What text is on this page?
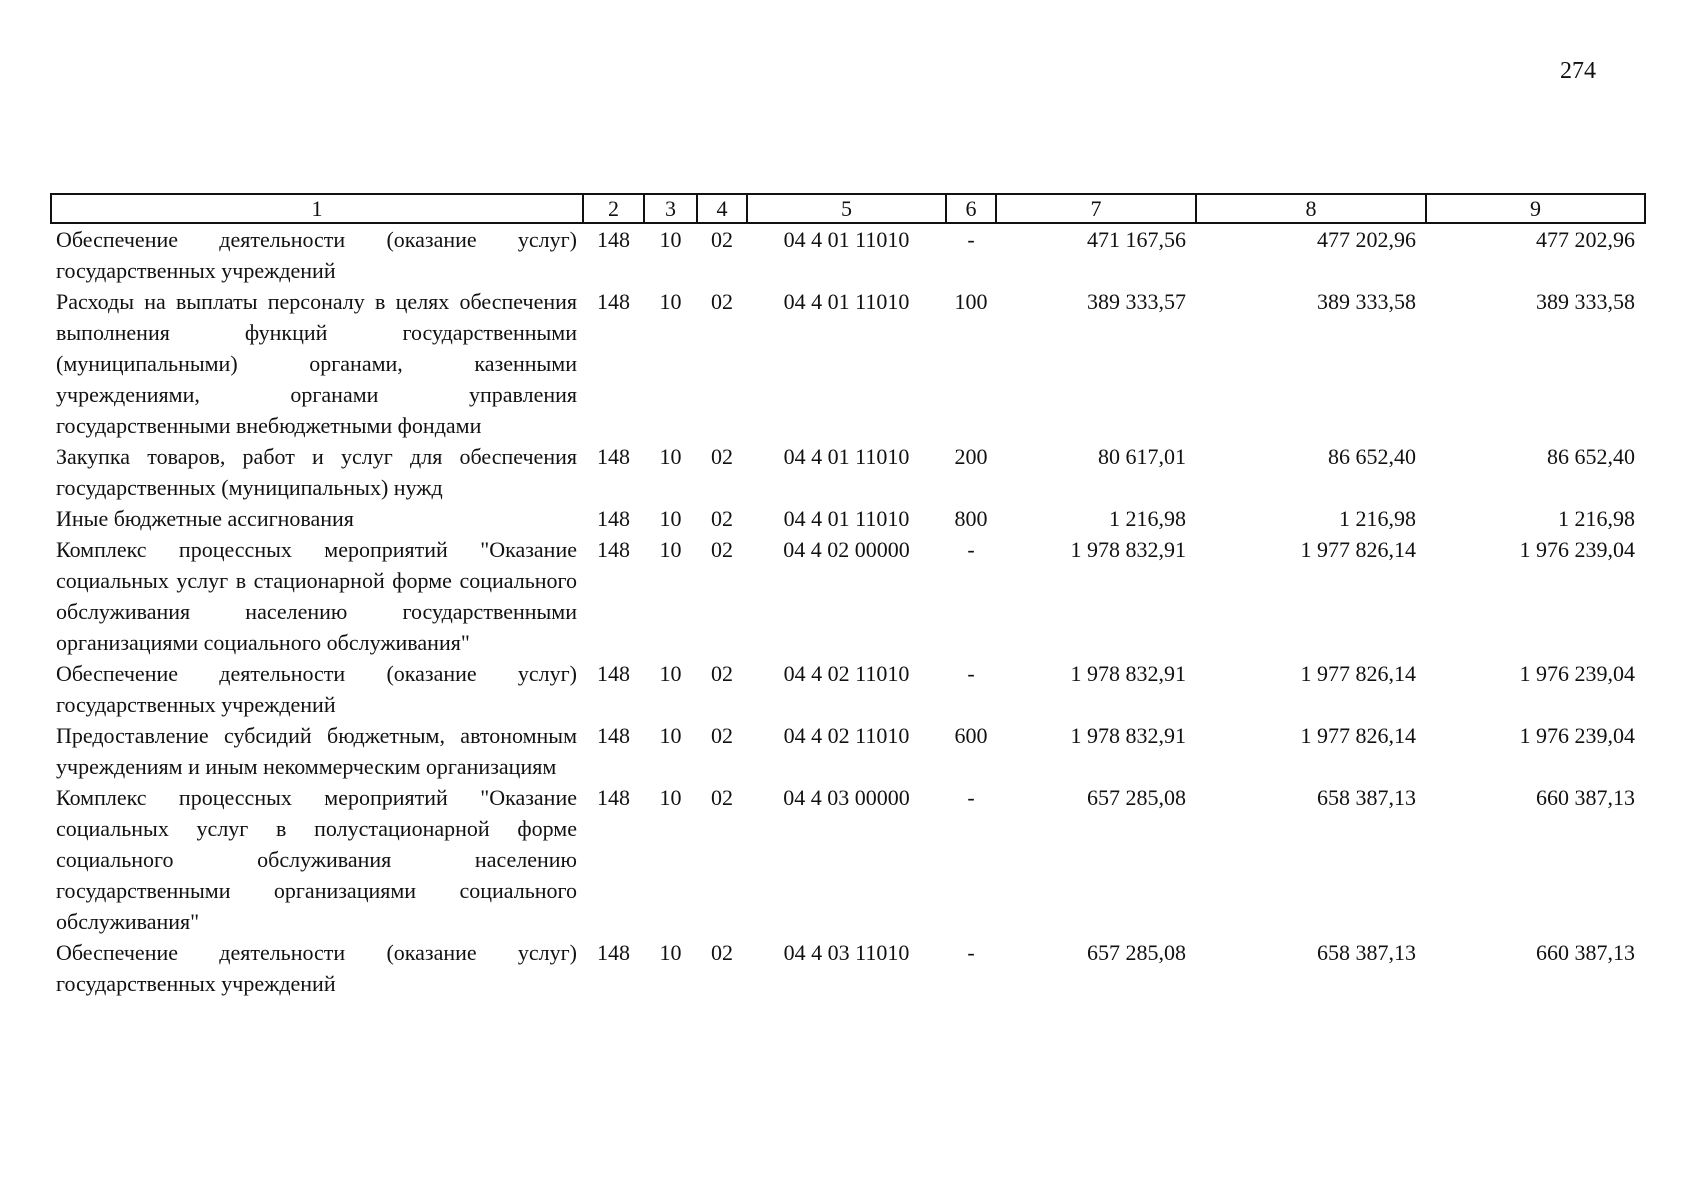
274
1	2	3	4	5	6	7	8	9
Обеспечение деятельности (оказание услуг) государственных учреждений	148	10	02	04 4 01 11010	-	471 167,56	477 202,96	477 202,96
Расходы на выплаты персоналу в целях обеспечения выполнения функций государственными (муниципальными) органами, казенными учреждениями, органами управления государственными внебюджетными фондами	148	10	02	04 4 01 11010	100	389 333,57	389 333,58	389 333,58
Закупка товаров, работ и услуг для обеспечения государственных (муниципальных) нужд	148	10	02	04 4 01 11010	200	80 617,01	86 652,40	86 652,40
Иные бюджетные ассигнования	148	10	02	04 4 01 11010	800	1 216,98	1 216,98	1 216,98
Комплекс процессных мероприятий "Оказание социальных услуг в стационарной форме социального обслуживания населению государственными организациями социального обслуживания"	148	10	02	04 4 02 00000	-	1 978 832,91	1 977 826,14	1 976 239,04
Обеспечение деятельности (оказание услуг) государственных учреждений	148	10	02	04 4 02 11010	-	1 978 832,91	1 977 826,14	1 976 239,04
Предоставление субсидий бюджетным, автономным учреждениям и иным некоммерческим организациям	148	10	02	04 4 02 11010	600	1 978 832,91	1 977 826,14	1 976 239,04
Комплекс процессных мероприятий "Оказание социальных услуг в полустационарной форме социального обслуживания населению государственными организациями социального обслуживания"	148	10	02	04 4 03 00000	-	657 285,08	658 387,13	660 387,13
Обеспечение деятельности (оказание услуг) государственных учреждений	148	10	02	04 4 03 11010	-	657 285,08	658 387,13	660 387,13
